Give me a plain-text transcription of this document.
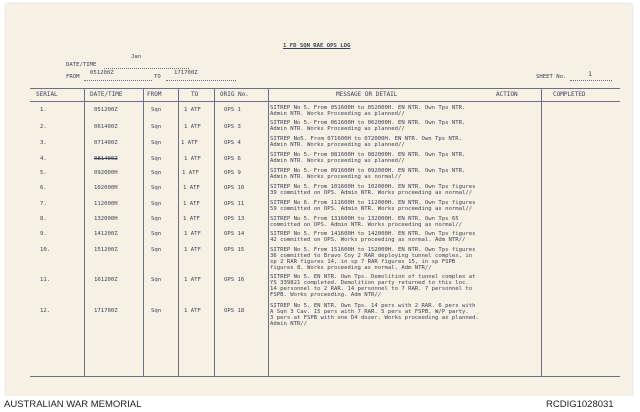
1 FD SQN RAE OPS LOG
Jan
DATE/TIME
FROM
051200Z
TO
171700Z
SHEET No.	1
SERIAL	DATE/TIME	FROM	TO	ORIG No.	MESSAGE OR DETAIL	ACTION	COMPLETED
1.	051200Z	Sqn	1 ATF	OPS 1	SITREP No 5. From 051600H to 052000H. EN NTR. Own Tps NTR.
Admin NTR. Works Proceeding as planned//
2.	061400Z	Sqn	1 ATF	OPS 3
SITREP No 5. From 061600H to 062000H. EN NTR. Own Tps NTR.
Admin NTR. Works Proceeding as planned//
3.	071400Z	Sqn	1 ATF	OPS 4
SITREP No5. From 071600H to 072000H. EN NTR. Own Tps NTR.
Admin NTR. Works proceeding as planned//
4.	081400Z	Sqn	1 ATF	OPS 6
SITREP No 5. From 081600H to 082000H. EN NTR. Own Tps NTR.
Admin NTR. Works proceeding as planned//
5.	092000H	Sqn	1 ATF	OPS 9	SITREP No 5. From 091600H to 092000H. EN NTR. Own Tps NTR.
Admin NTR. Works proceeding as normal//
6.	102000H	Sqn	1 ATF	OPS 10	SITREP No 5. From 101600H to 102000H. EN NTR. Own Tps figures
39 committed on OPS. Admin NTR. Works proceeding as normal//
7.	112000H	Sqn	1 ATF	OPS 11	SITREP No 6. From 111600H to 112000H. EN NTR. Own Tps figures
59 committed on OPS. Admin NTR. Works proceeding as normal//
8.	132000H	Sqn	1 ATF	OPS 13	SITREP No 5. From 131600H to 132000H. EN NTR. Own Tps 65
committed on OPS. Admin NTR. Works proceeding as normal//
9.	141200Z	Sqn	1 ATF	OPS 14	SITREP No 5. From 141600H to 142000H. EN NTR. Own Tps figures
42 committed on OPS. Works proceeding as normal. Adm NTR//
10.	151200Z	Sqn	1 ATF	OPS 15	SITREP No 5. From 151600H to 152000H. EN NTR. Own Tps figures
36 committed to Bravo Coy 2 RAR deploying tunnel complex, in
sp 2 RAR figures 14, in sp 7 RAR figures 15, in sp FSPB
figures 8. Works proceeding as normal. Adm NTR//
11.	161200Z	Sqn	1 ATF	OPS 16	SITREP No 5. EN NTR. Own Tps. Demolition of tunnel complex at
YS 339821 completed. Demolition party returned to this loc.
14 personnel to 2 RAR. 14 personnel to 7 RAR. 7 personnel to
FSPB. Works proceeding. Adm NTR//
12.	171700Z	Sqn	1 ATF	OPS 18
SITREP No 5. EN NTR. Own Tps. 14 pers with 2 RAR. 6 pers with
A Sqn 3 Cav. 15 pers with 7 RAR. 5 pers at FSPB, W/P party.
3 pers at FSPB with one D4 dozer. Works proceeding as planned.
Admin NTR//
AUSTRALIAN WAR MEMORIAL	RCDIG1028031
